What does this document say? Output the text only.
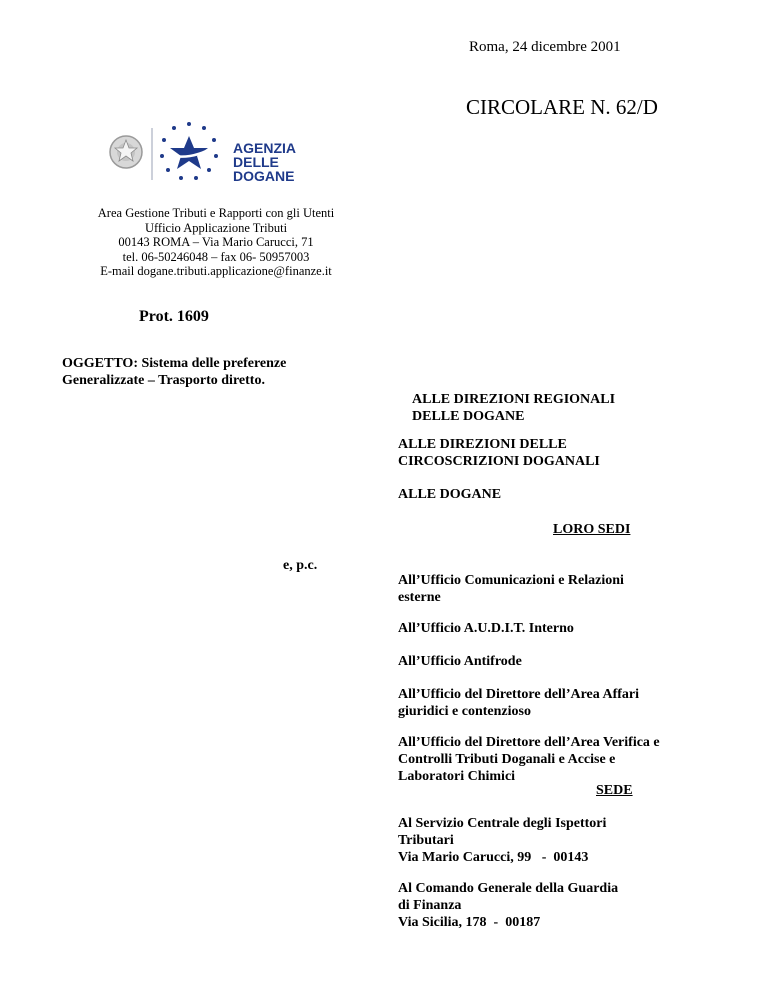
Roma, 24 dicembre 2001
CIRCOLARE N. 62/D
AGENZIA
DELLE
DOGANE
Area Gestione Tributi e Rapporti con gli Utenti
Ufficio Applicazione Tributi
00143 ROMA – Via Mario Carucci, 71
tel. 06-50246048 – fax 06- 50957003
E-mail dogane.tributi.applicazione@finanze.it
Prot. 1609
OGGETTO: Sistema delle preferenze Generalizzate – Trasporto diretto.
ALLE DIREZIONI REGIONALI
DELLE DOGANE
ALLE DIREZIONI DELLE
CIRCOSCRIZIONI DOGANALI
ALLE DOGANE
LORO SEDI
e, p.c.
All’Ufficio Comunicazioni e Relazioni
esterne
All’Ufficio A.U.D.I.T. Interno
All’Ufficio Antifrode
All’Ufficio del Direttore dell’Area Affari
giuridici e contenzioso
All’Ufficio del Direttore dell’Area Verifica e
Controlli Tributi Doganali e Accise e
Laboratori Chimici
SEDE
Al Servizio Centrale degli Ispettori
Tributari
Via Mario Carucci, 99   -  00143
Al Comando Generale della Guardia
di Finanza
Via Sicilia, 178  -  00187
